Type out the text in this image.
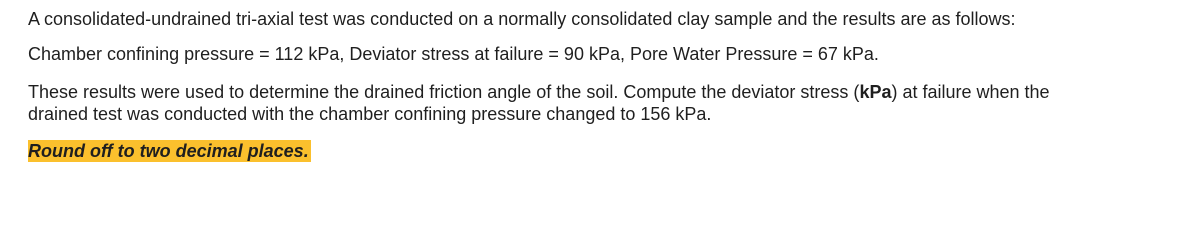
A consolidated-undrained tri-axial test was conducted on a normally consolidated clay sample and the results are as follows:

Chamber confining pressure = 112 kPa, Deviator stress at failure = 90 kPa, Pore Water Pressure = 67 kPa.

These results were used to determine the drained friction angle of the soil. Compute the deviator stress (kPa) at failure when the
drained test was conducted with the chamber confining pressure changed to 156 kPa.

Round off to two decimal places.
